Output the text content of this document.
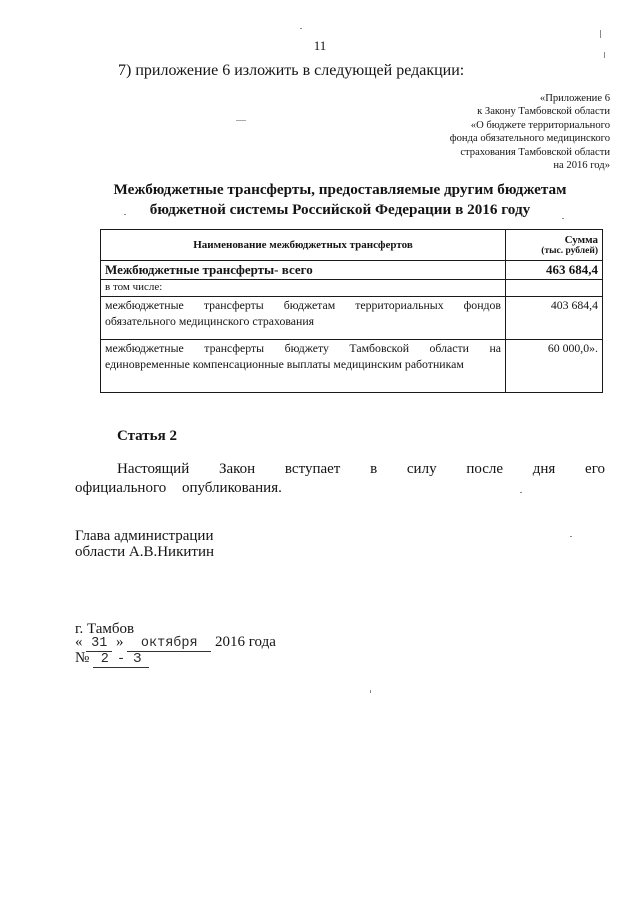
11
7) приложение 6 изложить в следующей редакции:
«Приложение 6
к Закону Тамбовской области
«О бюджете территориального
фонда обязательного медицинского
страхования Тамбовской области
на 2016 год»
Межбюджетные трансферты, предоставляемые другим бюджетам
бюджетной системы Российской Федерации в 2016 году
Наименование межбюджетных трансфертов	Сумма
(тыс. рублей)

Межбюджетные трансферты- всего	463 684,4
в том числе:	
межбюджетные трансферты бюджетам территориальных фондов обязательного медицинского страхования	403 684,4
межбюджетные трансферты бюджету Тамбовской области на единовременные компенсационные выплаты медицинским работникам	60 000,0».
Статья 2
Настоящий Закон вступает в силу после дня его официального опубликования.
Глава администрации
области А.В.Никитин
г. Тамбов
« 31 » октября 2016 года
№ 2 - З
